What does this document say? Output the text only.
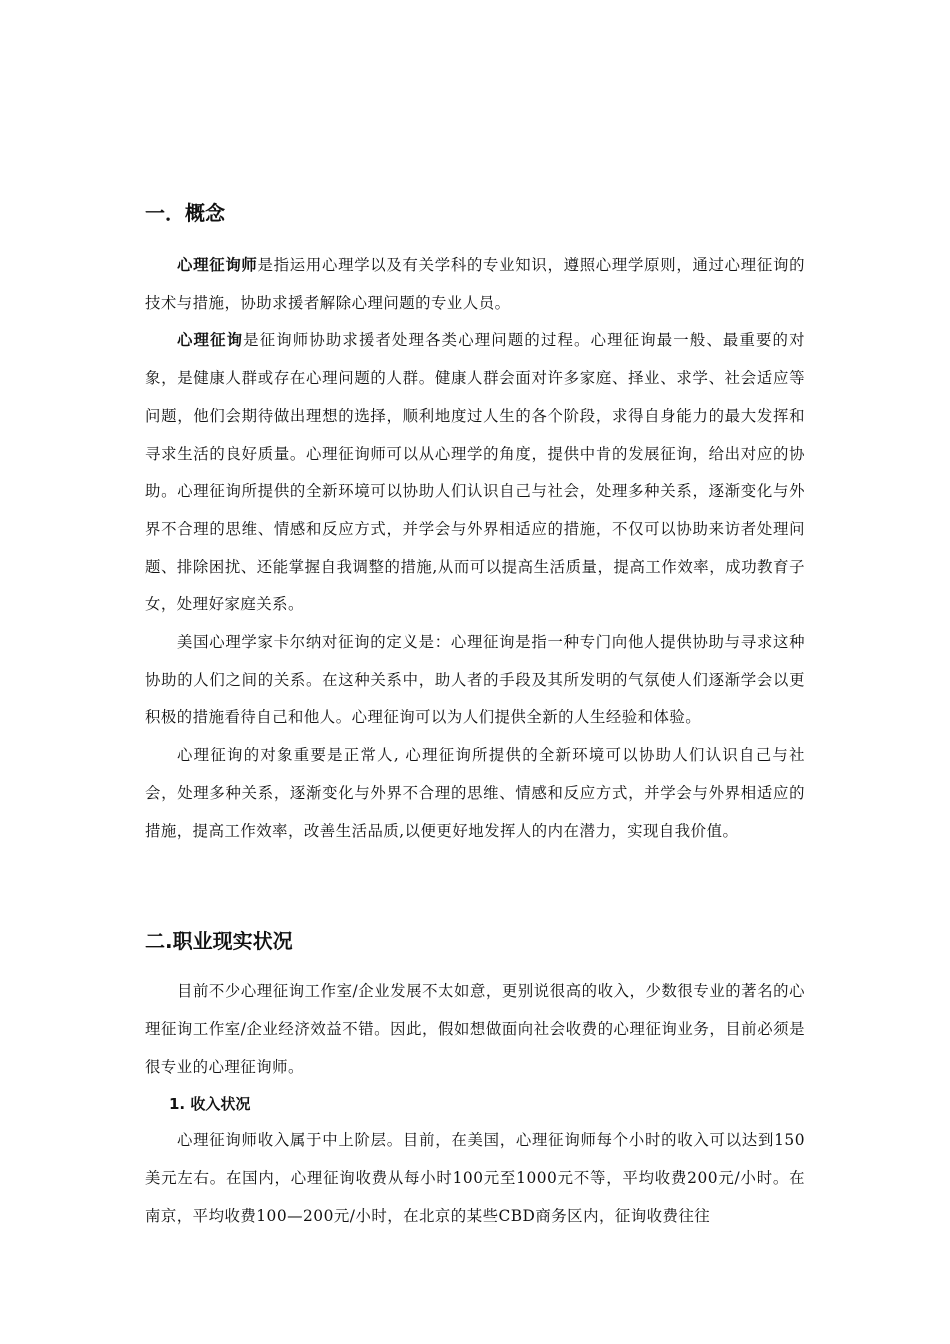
一．概念

心理征询师是指运用心理学以及有关学科的专业知识，遵照心理学原则，通过心理征询的技术与措施，协助求援者解除心理问题的专业人员。

心理征询是征询师协助求援者处理各类心理问题的过程。心理征询最一般、最重要的对象，是健康人群或存在心理问题的人群。健康人群会面对许多家庭、择业、求学、社会适应等问题，他们会期待做出理想的选择，顺利地度过人生的各个阶段，求得自身能力的最大发挥和寻求生活的良好质量。心理征询师可以从心理学的角度，提供中肯的发展征询，给出对应的协助。心理征询所提供的全新环境可以协助人们认识自己与社会，处理多种关系，逐渐变化与外界不合理的思维、情感和反应方式，并学会与外界相适应的措施，不仅可以协助来访者处理问题、排除困扰、还能掌握自我调整的措施,从而可以提高生活质量，提高工作效率，成功教育子女，处理好家庭关系。

美国心理学家卡尔纳对征询的定义是：心理征询是指一种专门向他人提供协助与寻求这种协助的人们之间的关系。在这种关系中，助人者的手段及其所发明的气氛使人们逐渐学会以更积极的措施看待自己和他人。心理征询可以为人们提供全新的人生经验和体验。

心理征询的对象重要是正常人, 心理征询所提供的全新环境可以协助人们认识自己与社会，处理多种关系，逐渐变化与外界不合理的思维、情感和反应方式，并学会与外界相适应的措施，提高工作效率，改善生活品质,以便更好地发挥人的内在潜力，实现自我价值。

二.职业现实状况

目前不少心理征询工作室/企业发展不太如意，更别说很高的收入，少数很专业的著名的心理征询工作室/企业经济效益不错。因此，假如想做面向社会收费的心理征询业务，目前必须是很专业的心理征询师。

1. 收入状况

心理征询师收入属于中上阶层。目前，在美国，心理征询师每个小时的收入可以达到150美元左右。在国内，心理征询收费从每小时100元至1000元不等，平均收费200元/小时。在南京，平均收费100—200元/小时，在北京的某些CBD商务区内，征询收费往往
